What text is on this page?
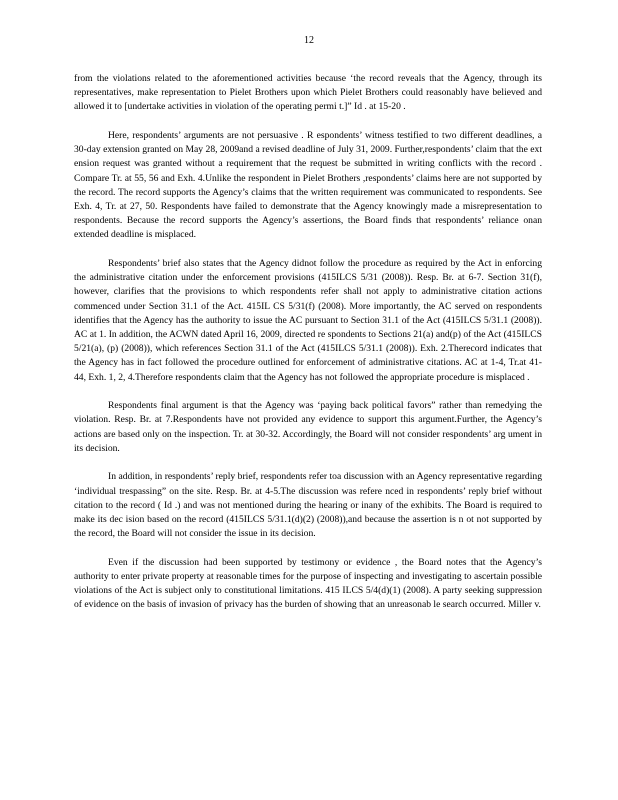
12

from the violations related to the aforementioned activities because ‘the record reveals that the Agency, through its representatives, make representation to Pielet Brothers upon which Pielet Brothers could reasonably have believed and allowed it to [undertake activities in violation of the operating permi t.]” Id . at 15-20 .

Here, respondents’ arguments are not persuasive . R espondents’ witness testified to two different deadlines, a 30-day extension granted on May 28, 2009and a revised deadline of July 31, 2009. Further,respondents’ claim that the ext ension request was granted without a requirement that the request be submitted in writing conflicts with the record . Compare Tr. at 55, 56 and Exh. 4.Unlike the respondent in Pielet Brothers ,respondents’ claims here are not supported by the record. The record supports the Agency’s claims that the written requirement was communicated to respondents. See Exh. 4, Tr. at 27, 50. Respondents have failed to demonstrate that the Agency knowingly made a misrepresentation to respondents. Because the record supports the Agency’s assertions, the Board finds that respondents’ reliance onan extended deadline is misplaced.

Respondents’ brief also states that the Agency didnot follow the procedure as required by the Act in enforcing the administrative citation under the enforcement provisions (415ILCS 5/31 (2008)). Resp. Br. at 6-7. Section 31(f), however, clarifies that the provisions to which respondents refer shall not apply to administrative citation actions commenced under Section 31.1 of the Act. 415IL CS 5/31(f) (2008). More importantly, the AC served on respondents identifies that the Agency has the authority to issue the AC pursuant to Section 31.1 of the Act (415ILCS 5/31.1 (2008)). AC at 1. In addition, the ACWN dated April 16, 2009, directed re spondents to Sections 21(a) and(p) of the Act (415ILCS 5/21(a), (p) (2008)), which references Section 31.1 of the Act (415ILCS 5/31.1 (2008)). Exh. 2.Therecord indicates that the Agency has in fact followed the procedure outlined for enforcement of administrative citations. AC at 1-4, Tr.at 41-44, Exh. 1, 2, 4.Therefore respondents claim that the Agency has not followed the appropriate procedure is misplaced .

Respondents final argument is that the Agency was ‘paying back political favors” rather than remedying the violation. Resp. Br. at 7.Respondents have not provided any evidence to support this argument.Further, the Agency’s actions are based only on the inspection. Tr. at 30-32. Accordingly, the Board will not consider respondents’ arg ument in its decision.

In addition, in respondents’ reply brief, respondents refer toa discussion with an Agency representative regarding ‘individual trespassing” on the site. Resp. Br. at 4-5.The discussion was refere nced in respondents’ reply brief without citation to the record ( Id .) and was not mentioned during the hearing or inany of the exhibits. The Board is required to make its dec ision based on the record (415ILCS 5/31.1(d)(2) (2008)),and because the assertion is n ot not supported by the record, the Board will not consider the issue in its decision.

Even if the discussion had been supported by testimony or evidence , the Board notes that the Agency’s authority to enter private property at reasonable times for the purpose of inspecting and investigating to ascertain possible violations of the Act is subject only to constitutional limitations. 415 ILCS 5/4(d)(1) (2008). A party seeking suppression of evidence on the basis of invasion of privacy has the burden of showing that an unreasonab le search occurred. Miller v.
